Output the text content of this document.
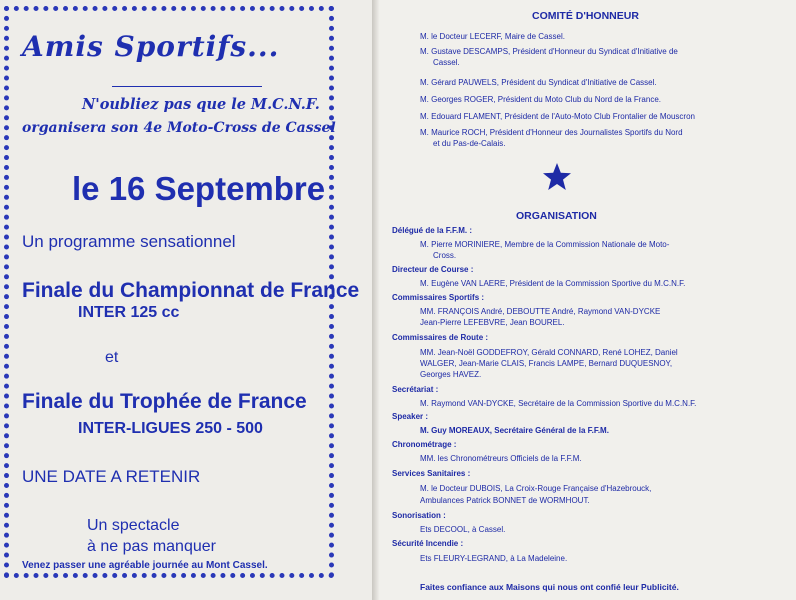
Amis Sportifs...
N'oubliez pas que le M.C.N.F.
organisera son 4e Moto-Cross de Cassel
le 16 Septembre
Un programme sensationnel
Finale du Championnat de France
INTER 125 cc
et
Finale du Trophée de France
INTER-LIGUES 250 - 500
UNE DATE A RETENIR
Un spectacle
à ne pas manquer
Venez passer une agréable journée au Mont Cassel.
COMITÉ D'HONNEUR
M. le Docteur LECERF, Maire de Cassel.
M. Gustave DESCAMPS, Président d'Honneur du Syndicat d'Initiative de
Cassel.
M. Gérard PAUWELS, Président du Syndicat d'Initiative de Cassel.
M. Georges ROGER, Président du Moto Club du Nord de la France.
M. Edouard FLAMENT, Président de l'Auto-Moto Club Frontalier de Mouscron
M. Maurice ROCH, Président d'Honneur des Journalistes Sportifs du Nord
et du Pas-de-Calais.
ORGANISATION
Délégué de la F.F.M. :
M. Pierre MORINIERE, Membre de la Commission Nationale de Moto-
Cross.
Directeur de Course :
M. Eugène VAN LAERE, Président de la Commission Sportive du M.C.N.F.
Commissaires Sportifs :
MM. FRANÇOIS André, DEBOUTTE André, Raymond VAN-DYCKE
Jean-Pierre LEFEBVRE, Jean BOUREL.
Commissaires de Route :
MM. Jean-Noël GODDEFROY, Gérald CONNARD, René LOHEZ, Daniel
WALGER, Jean-Marie CLAIS, Francis LAMPE, Bernard DUQUESNOY,
Georges HAVEZ.
Secrétariat :
M. Raymond VAN-DYCKE, Secrétaire de la Commission Sportive du M.C.N.F.
Speaker :
M. Guy MOREAUX, Secrétaire Général de la F.F.M.
Chronométrage :
MM. les Chronométreurs Officiels de la F.F.M.
Services Sanitaires :
M. le Docteur DUBOIS, La Croix-Rouge Française d'Hazebrouck,
Ambulances Patrick BONNET de WORMHOUT.
Sonorisation :
Ets DECOOL, à Cassel.
Sécurité Incendie :
Ets FLEURY-LEGRAND, à La Madeleine.
Faites confiance aux Maisons qui nous ont confié leur Publicité.
